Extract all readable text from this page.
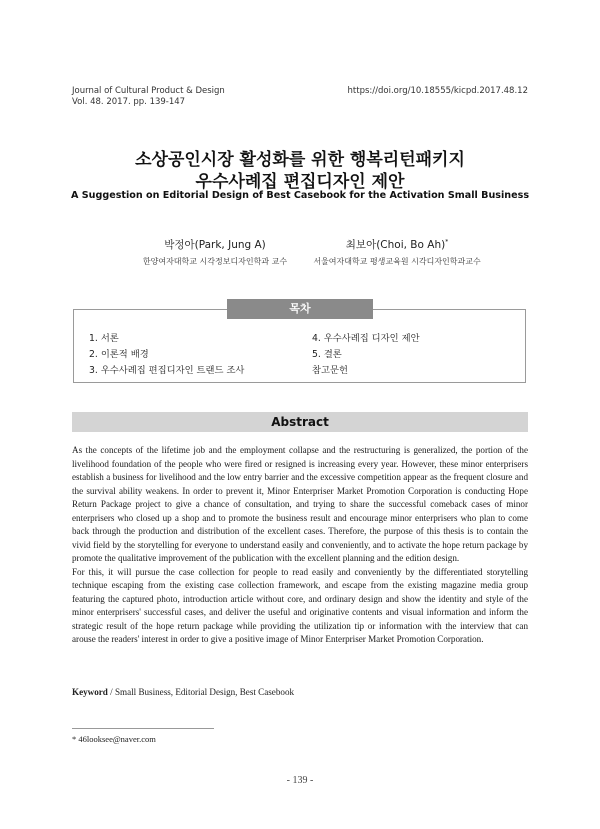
Journal of Cultural Product & Design
Vol. 48. 2017. pp. 139-147
https://doi.org/10.18555/kicpd.2017.48.12
소상공인시장 활성화를 위한 행복리턴패키지
우수사례집 편집디자인 제안
A Suggestion on Editorial Design of Best Casebook for the Activation Small Business
박정아(Park, Jung A)
한양여자대학교 시각정보디자인학과 교수
최보아(Choi, Bo Ah)*
서울여자대학교 평생교육원 시각디자인학과교수
목차
1. 서론
2. 이론적 배경
3. 우수사례집 편집디자인 트랜드 조사
4. 우수사례집 디자인 제안
5. 결론
참고문헌
Abstract

As the concepts of the lifetime job and the employment collapse and the restructuring is generalized, the portion of the livelihood foundation of the people who were fired or resigned is increasing every year. However, these minor enterprisers establish a business for livelihood and the low entry barrier and the excessive competition appear as the frequent closure and the survival ability weakens. In order to prevent it, Minor Enterpriser Market Promotion Corporation is conducting Hope Return Package project to give a chance of consultation, and trying to share the successful comeback cases of minor enterprisers who closed up a shop and to promote the business result and encourage minor enterprisers who plan to come back through the production and distribution of the excellent cases. Therefore, the purpose of this thesis is to contain the vivid field by the storytelling for everyone to understand easily and conveniently, and to activate the hope return package by promote the qualitative improvement of the publication with the excellent planning and the edition design.

For this, it will pursue the case collection for people to read easily and conveniently by the differentiated storytelling technique escaping from the existing case collection framework, and escape from the existing magazine media group featuring the captured photo, introduction article without core, and ordinary design and show the identity and style of the minor enterprisers' successful cases, and deliver the useful and originative contents and visual information and inform the strategic result of the hope return package while providing the utilization tip or information with the interview that can arouse the readers' interest in order to give a positive image of Minor Enterpriser Market Promotion Corporation.

Keyword / Small Business, Editorial Design, Best Casebook
* 46looksee@naver.com
- 139 -
